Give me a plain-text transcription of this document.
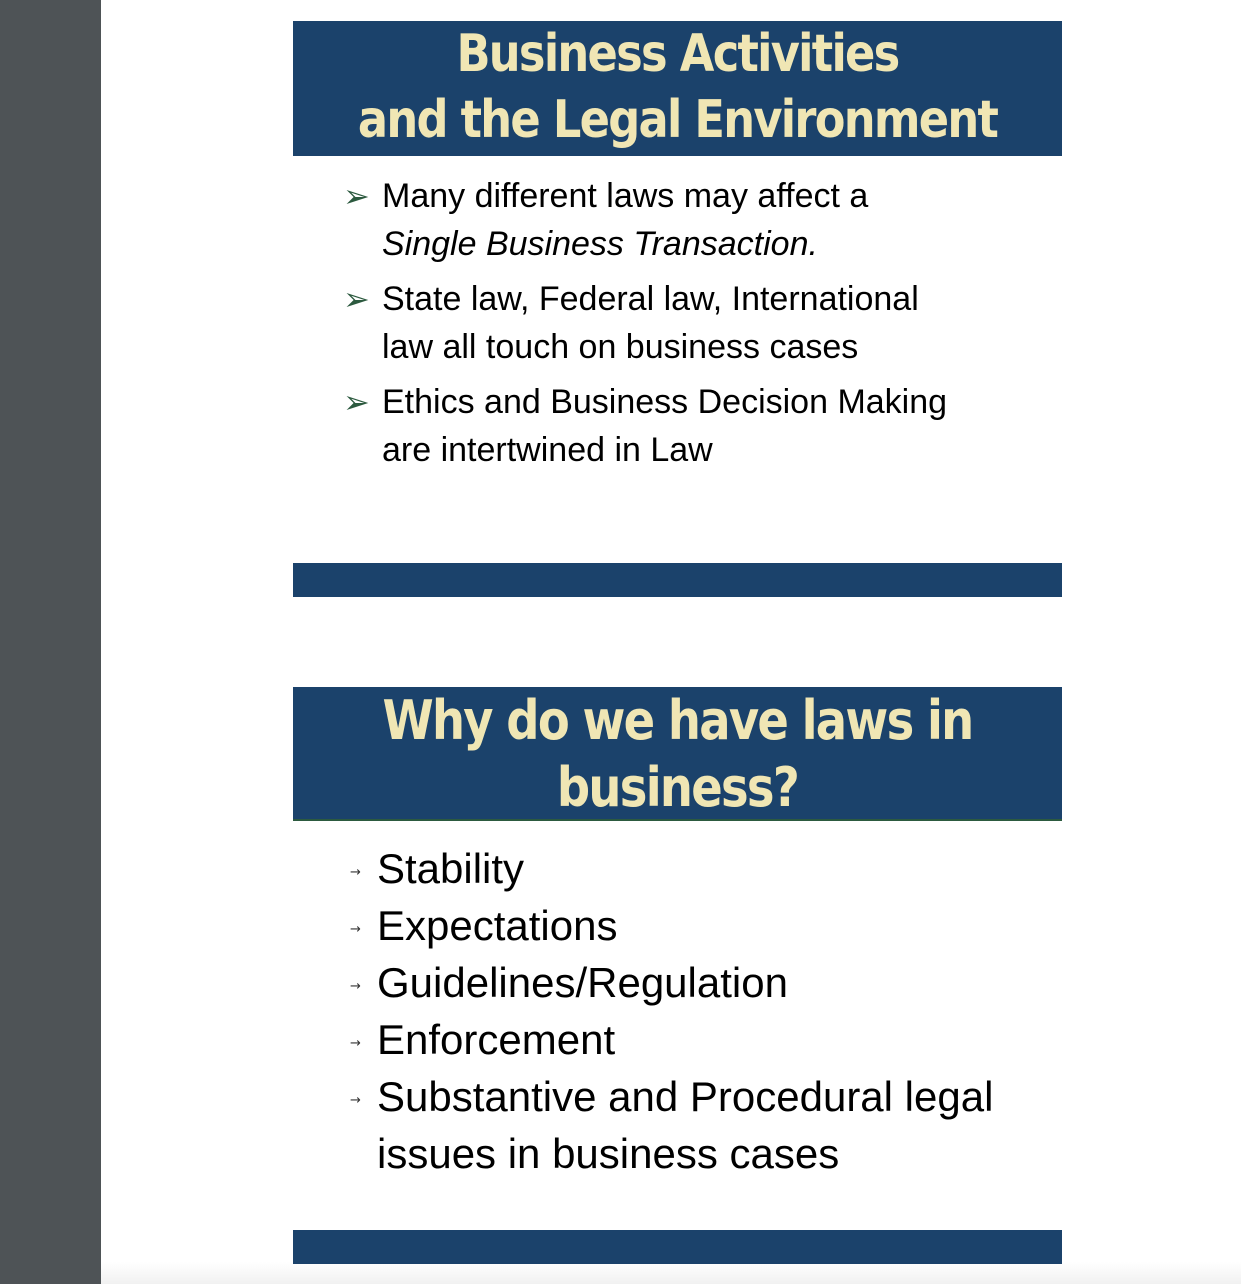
Business Activities
and the Legal Environment
➢ Many different laws may affect a
Single Business Transaction.
➢ State law, Federal law, International
law all touch on business cases
➢ Ethics and Business Decision Making
are intertwined in Law
Why do we have laws in
business?
→ Stability
→ Expectations
→ Guidelines/Regulation
→ Enforcement
→ Substantive and Procedural legal
issues in business cases
